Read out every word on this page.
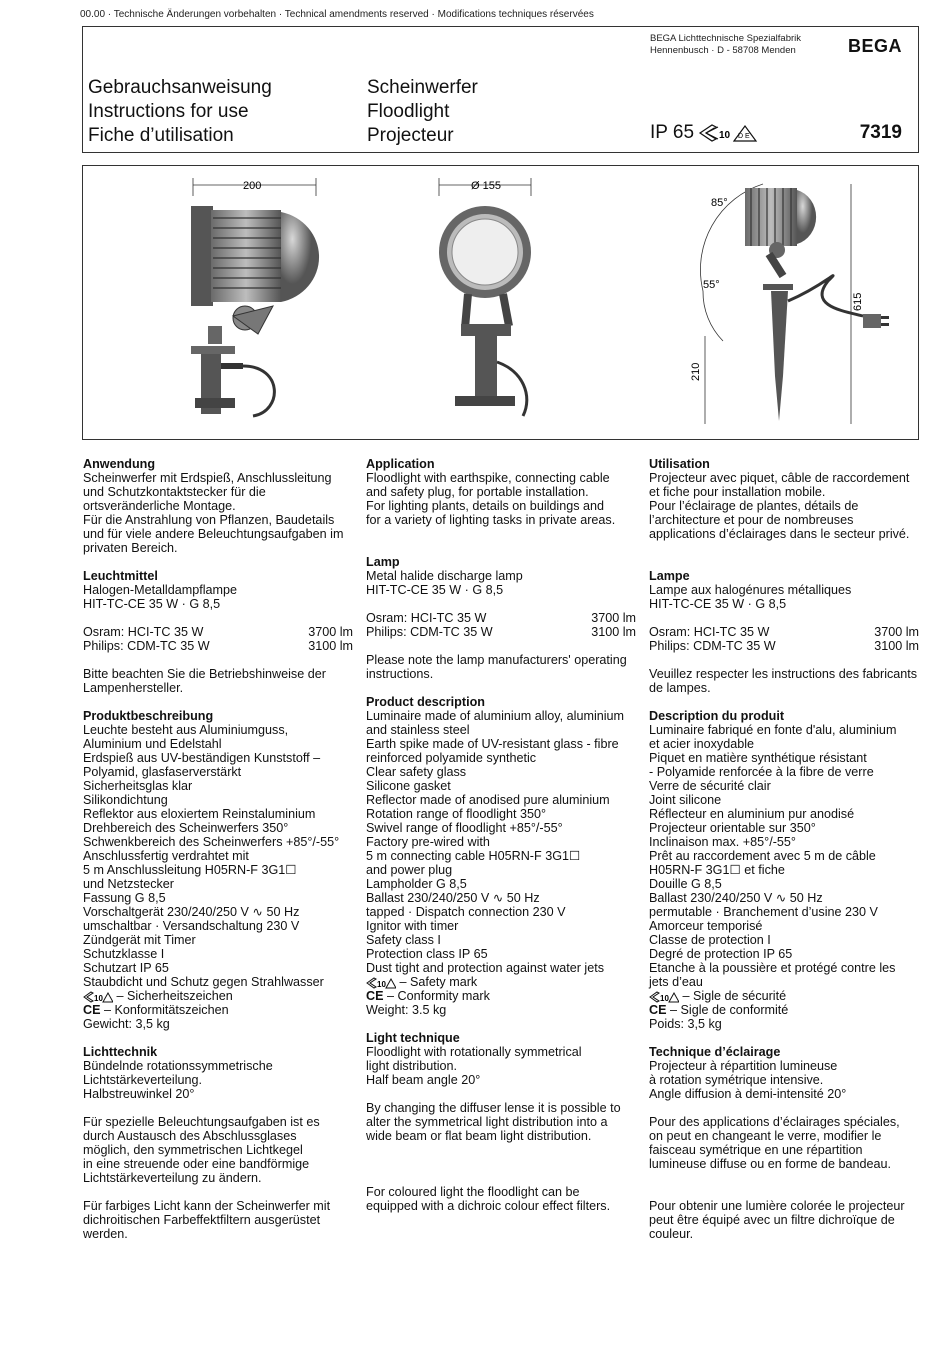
00.00 · Technische Änderungen vorbehalten · Technical amendments reserved · Modifications techniques réservées
BEGA Lichttechnische Spezialfabrik
Hennenbusch · D - 58708 Menden	BEGA
Gebrauchsanweisung
Instructions for use
Fiche d’utilisation
Scheinwerfer
Floodlight
Projecteur	IP 65	10 D E	7319
200	Ø 155
85°
55°
210
615
Anwendung

Scheinwerfer mit Erdspieß, Anschlussleitung
und Schutzkontaktstecker für die
ortsveränderliche Montage.
Für die Anstrahlung von Pflanzen, Baudetails
und für viele andere Beleuchtungsaufgaben im
privaten Bereich.

Leuchtmittel

Halogen-Metalldampflampe
HIT-TC-CE 35 W · G 8,5

Osram: HCI-TC 35 W	3700 lm
Philips: CDM-TC 35 W	3100 lm

Bitte beachten Sie die Betriebshinweise der
Lampenhersteller.

Produktbeschreibung

Leuchte besteht aus Aluminiumguss,
Aluminium und Edelstahl
Erdspieß aus UV-beständigen Kunststoff –
Polyamid, glasfaserverstärkt
Sicherheitsglas klar
Silikondichtung
Reflektor aus eloxiertem Reinstaluminium
Drehbereich des Scheinwerfers 350°
Schwenkbereich des Scheinwerfers +85°/-55°
Anschlussfertig verdrahtet mit
5 m Anschlussleitung H05RN-F 3G1☐
und Netzstecker
Fassung G 8,5
Vorschaltgerät 230/240/250 V ∿ 50 Hz
umschaltbar · Versandschaltung 230 V
Zündgerät mit Timer
Schutzklasse I
Schutzart IP 65
Staubdicht und Schutz gegen Strahlwasser

10 – Sicherheitszeichen
CE – Konformitätszeichen

Gewicht: 3,5 kg

Lichttechnik

Bündelnde rotationssymmetrische
Lichtstärkeverteilung.
Halbstreuwinkel 20°

Für spezielle Beleuchtungsaufgaben ist es
durch Austausch des Abschlussglases
möglich, den symmetrischen Lichtkegel
in eine streuende oder eine bandförmige
Lichtstärkeverteilung zu ändern.

Für farbiges Licht kann der Scheinwerfer mit
dichroitischen Farbeffektfiltern ausgerüstet
werden.

Application

Floodlight with earthspike, connecting cable
and safety plug, for portable installation.
For lighting plants, details on buildings and
for a variety of lighting tasks in private areas.

Lamp

Metal halide discharge lamp
HIT-TC-CE 35 W · G 8,5

Osram: HCI-TC 35 W	3700 lm
Philips: CDM-TC 35 W	3100 lm

Please note the lamp manufacturers' operating
instructions.

Product description

Luminaire made of aluminium alloy, aluminium
and stainless steel
Earth spike made of UV-resistant glass - fibre
reinforced polyamide synthetic
Clear safety glass
Silicone gasket
Reflector made of anodised pure aluminium
Rotation range of floodlight 350°
Swivel range of floodlight +85°/-55°
Factory pre-wired with
5 m connecting cable H05RN-F 3G1☐
and power plug
Lampholder G 8,5
Ballast 230/240/250 V ∿ 50 Hz
tapped · Dispatch connection 230 V
Ignitor with timer
Safety class I
Protection class IP 65
Dust tight and protection against water jets

10 – Safety mark
CE – Conformity mark

Weight: 3.5 kg

Light technique

Floodlight with rotationally symmetrical
light distribution.
Half beam angle 20°

By changing the diffuser lense it is possible to
alter the symmetrical light distribution into a
wide beam or flat beam light distribution.

For coloured light the floodlight can be
equipped with a dichroic colour effect filters.

Utilisation

Projecteur avec piquet, câble de raccordement
et fiche pour installation mobile.
Pour l’éclairage de plantes, détails de
l’architecture et pour de nombreuses
applications d’éclairages dans le secteur privé.

Lampe

Lampe aux halogénures métalliques
HIT-TC-CE 35 W · G 8,5

Osram: HCI-TC 35 W	3700 lm
Philips: CDM-TC 35 W	3100 lm

Veuillez respecter les instructions des fabricants
de lampes.

Description du produit

Luminaire fabriqué en fonte d'alu, aluminium
et acier inoxydable
Piquet en matière synthétique résistant
- Polyamide renforcée à la fibre de verre
Verre de sécurité clair
Joint silicone
Réflecteur en aluminium pur anodisé
Projecteur orientable sur 350°
Inclinaison max. +85°/-55°
Prêt au raccordement avec 5 m de câble
H05RN-F 3G1☐ et fiche
Douille G 8,5
Ballast 230/240/250 V ∿ 50 Hz
permutable · Branchement d’usine 230 V
Amorceur temporisé
Classe de protection I
Degré de protection IP 65
Etanche à la poussière et protégé contre les
jets d’eau

10 – Sigle de sécurité
CE – Sigle de conformité

Poids: 3,5 kg

Technique d’éclairage

Projecteur à répartition lumineuse
à rotation symétrique intensive.
Angle diffusion à demi-intensité 20°

Pour des applications d’éclairages spéciales,
on peut en changeant le verre, modifier le
faisceau symétrique en une répartition
lumineuse diffuse ou en forme de bandeau.

Pour obtenir une lumière colorée le projecteur
peut être équipé avec un filtre dichroïque de
couleur.
